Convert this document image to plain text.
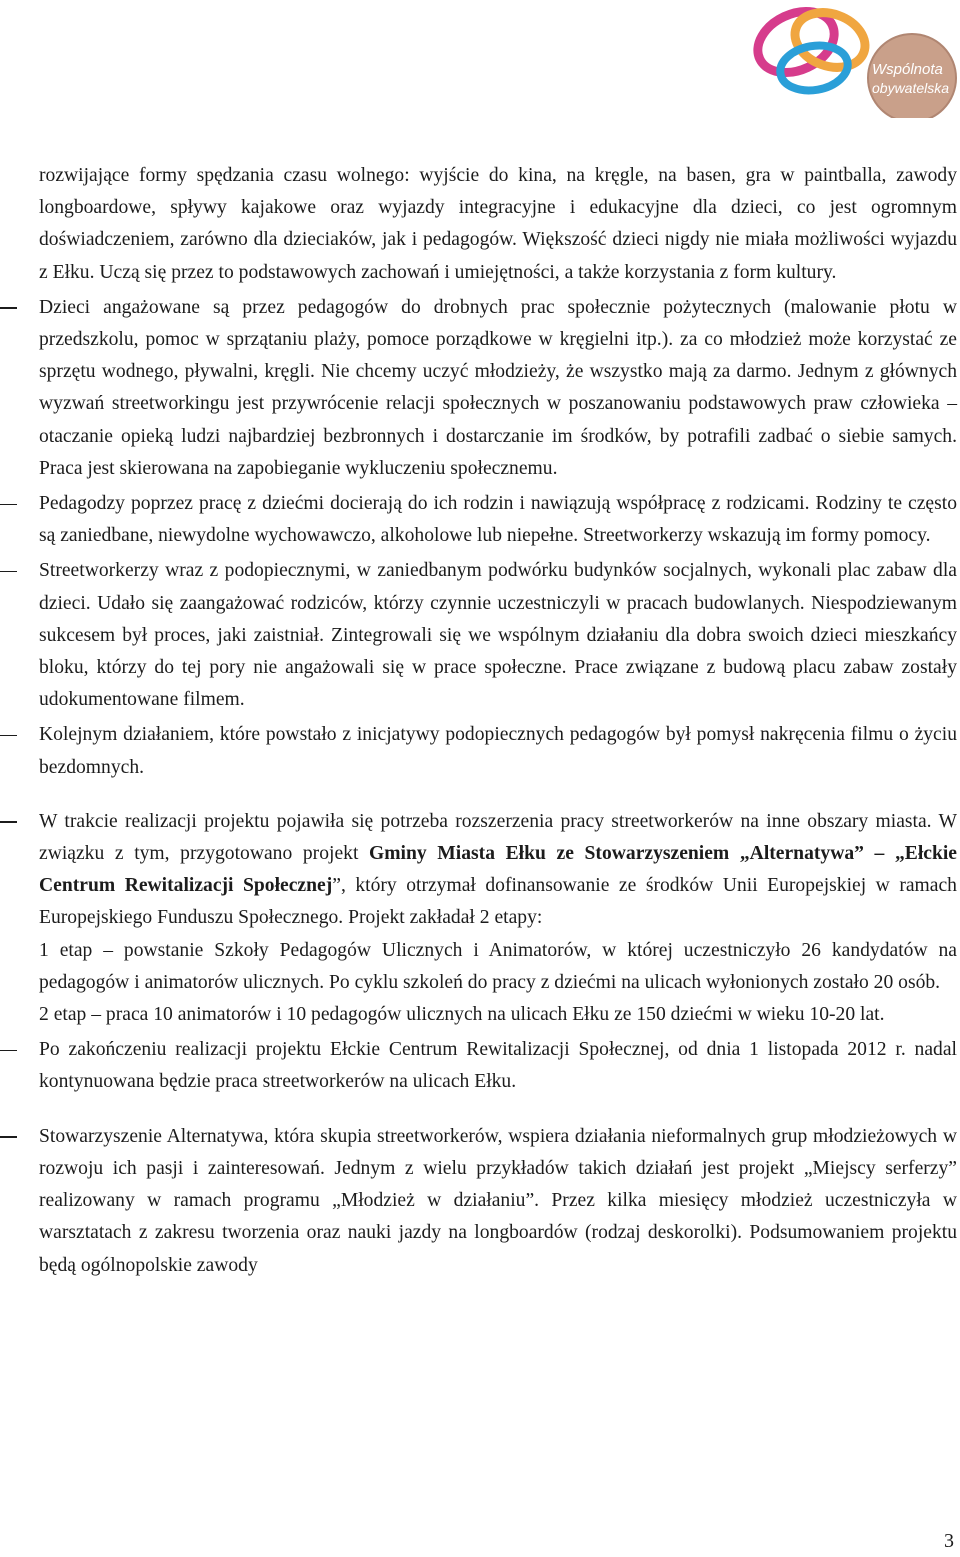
Wspólnota
obywatelska

rozwijające formy spędzania czasu wolnego: wyjście do kina, na kręgle, na basen, gra w paintballa, zawody longboardowe, spływy kajakowe oraz wyjazdy integracyjne i edukacyjne dla dzieci, co jest ogromnym doświadczeniem, zarówno dla dzieciaków, jak i pedagogów. Większość dzieci nigdy nie miała możliwości wyjazdu z Ełku. Uczą się przez to podstawowych zachowań i umiejętności, a także korzystania z form kultury.

Dzieci angażowane są przez pedagogów do drobnych prac społecznie pożytecznych (malowanie płotu w przedszkolu, pomoc w sprzątaniu plaży, pomoce porządkowe w kręgielni itp.). za co młodzież może korzystać ze sprzętu wodnego, pływalni, kręgli. Nie chcemy uczyć młodzieży, że wszystko mają za darmo. Jednym z głównych wyzwań streetworkingu jest przywrócenie relacji społecznych w poszanowaniu podstawowych praw człowieka – otaczanie opieką ludzi najbardziej bezbronnych i dostarczanie im środków, by potrafili zadbać o siebie samych. Praca jest skierowana na zapobieganie wykluczeniu społecznemu.

Pedagodzy poprzez pracę z dziećmi docierają do ich rodzin i nawiązują współpracę z rodzicami. Rodziny te często są zaniedbane, niewydolne wychowawczo, alkoholowe lub niepełne. Streetworkerzy wskazują im formy pomocy.

Streetworkerzy wraz z podopiecznymi, w zaniedbanym podwórku budynków socjalnych, wykonali plac zabaw dla dzieci. Udało się zaangażować rodziców, którzy czynnie uczestniczyli w pracach budowlanych. Niespodziewanym sukcesem był proces, jaki zaistniał. Zintegrowali się we wspólnym działaniu dla dobra swoich dzieci mieszkańcy bloku, którzy do tej pory nie angażowali się w prace społeczne. Prace związane z budową placu zabaw zostały udokumentowane filmem.

Kolejnym działaniem, które powstało z inicjatywy podopiecznych pedagogów był pomysł nakręcenia filmu o życiu bezdomnych.

W trakcie realizacji projektu pojawiła się potrzeba rozszerzenia pracy streetworkerów na inne obszary miasta. W związku z tym, przygotowano projekt Gminy Miasta Ełku ze Stowarzyszeniem „Alternatywa” – „Ełckie Centrum Rewitalizacji Społecznej”, który otrzymał dofinansowanie ze środków Unii Europejskiej w ramach Europejskiego Funduszu Społecznego. Projekt zakładał 2 etapy:

1 etap – powstanie Szkoły Pedagogów Ulicznych i Animatorów, w której uczestniczyło 26 kandydatów na pedagogów i animatorów ulicznych. Po cyklu szkoleń do pracy z dziećmi na ulicach wyłonionych zostało 20 osób.

2 etap – praca 10 animatorów i 10 pedagogów ulicznych na ulicach Ełku ze 150 dziećmi w wieku 10-20 lat.

Po zakończeniu realizacji projektu Ełckie Centrum Rewitalizacji Społecznej, od dnia 1 listopada 2012 r. nadal kontynuowana będzie praca streetworkerów na ulicach Ełku.

Stowarzyszenie Alternatywa, która skupia streetworkerów, wspiera działania nieformalnych grup młodzieżowych w rozwoju ich pasji i zainteresowań. Jednym z wielu przykładów takich działań jest projekt „Miejscy serferzy” realizowany w ramach programu „Młodzież w działaniu”. Przez kilka miesięcy młodzież uczestniczyła w warsztatach z zakresu tworzenia oraz nauki jazdy na longboardów (rodzaj deskorolki). Podsumowaniem projektu będą ogólnopolskie zawody

3
